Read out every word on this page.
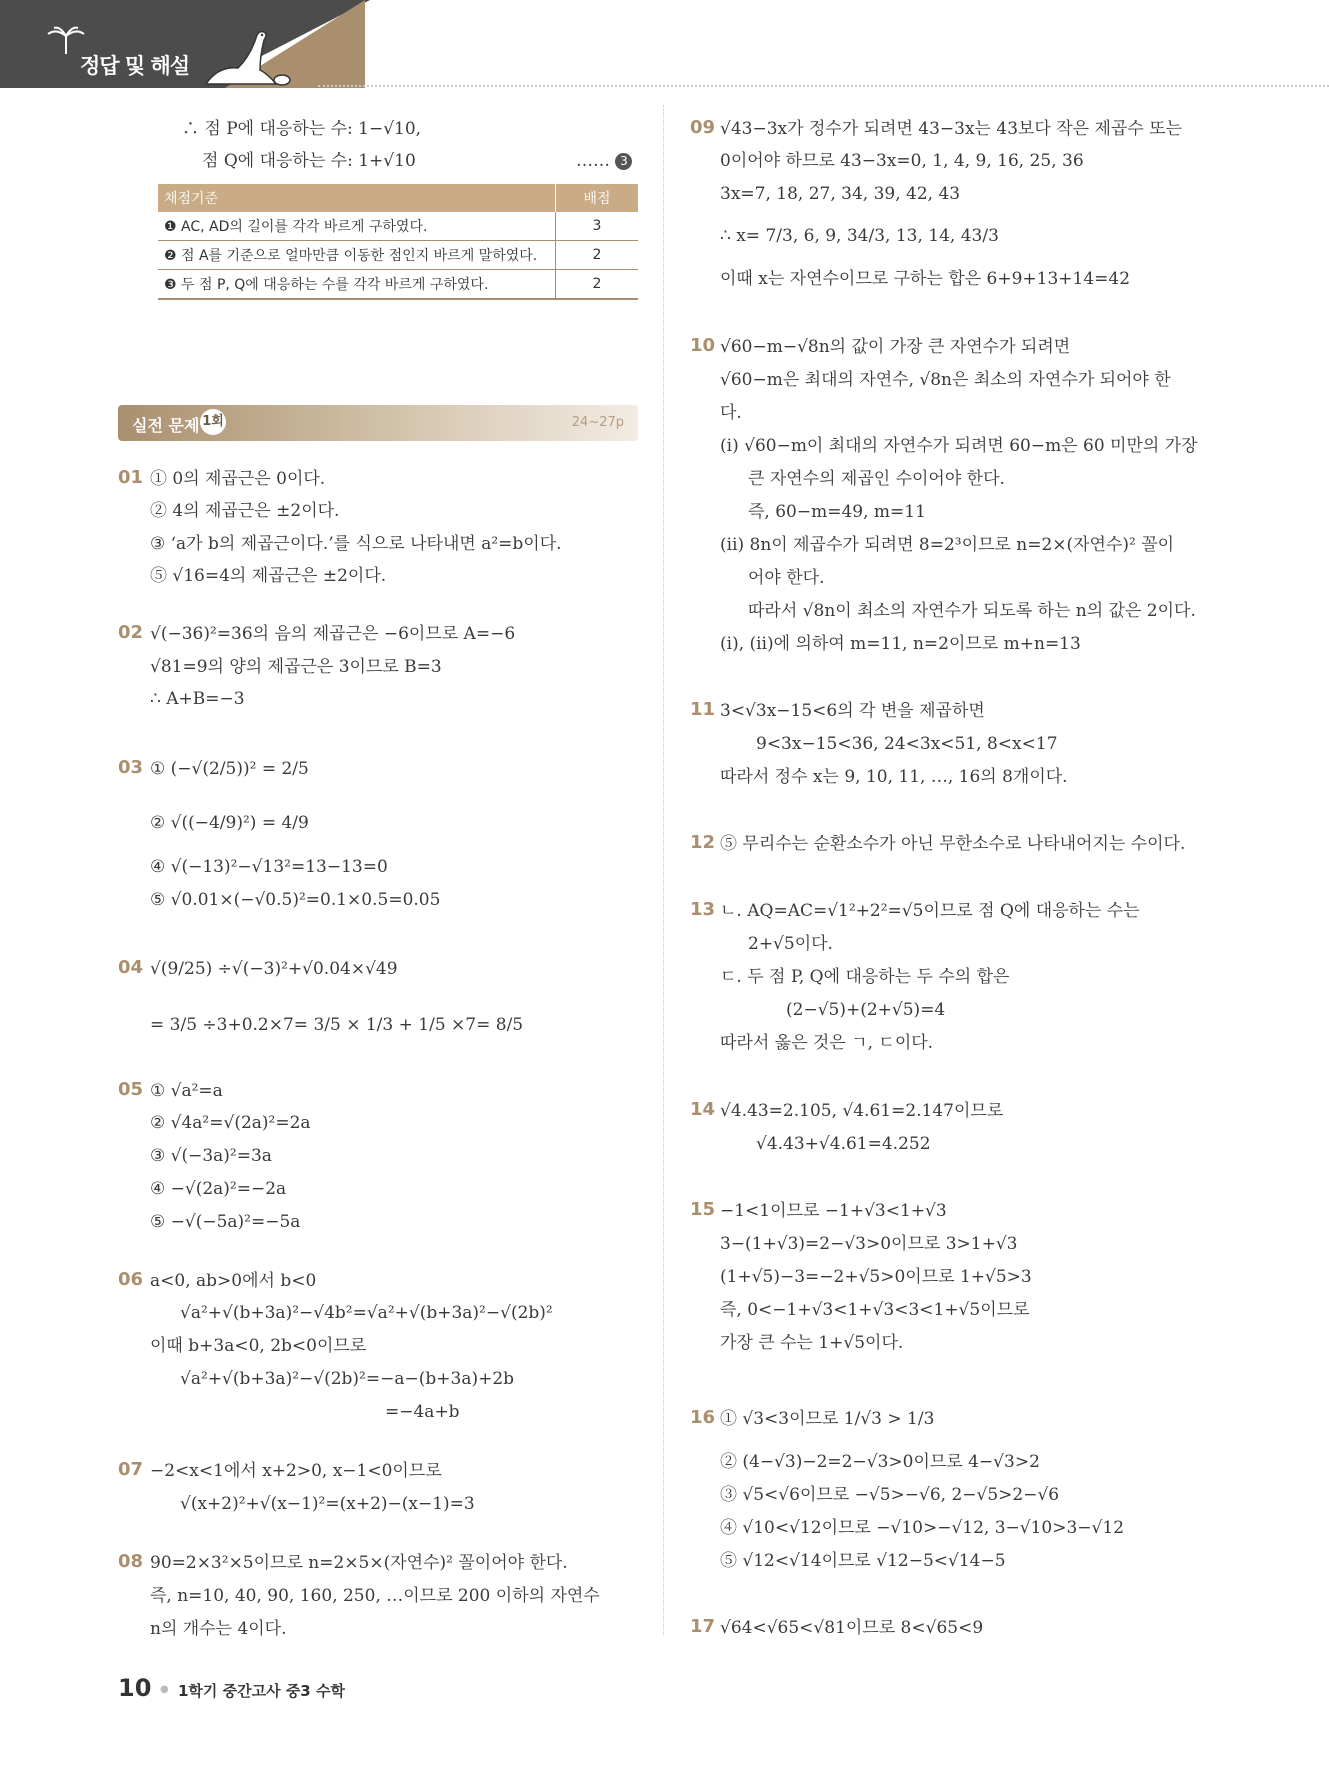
정답 및 해설
∴ 점 P에 대응하는 수: 1−√10,
점 Q에 대응하는 수: 1+√10	…… 3
채점기준	배점
❶ AC, AD의 길이를 각각 바르게 구하였다.	3
❷ 점 A를 기준으로 얼마만큼 이동한 점인지 바르게 말하였다.	2
❸ 두 점 P, Q에 대응하는 수를 각각 바르게 구하였다.	2
실전 문제 1회	24~27p
01 ① 0의 제곱근은 0이다.
② 4의 제곱근은 ±2이다.
③ ‘a가 b의 제곱근이다.’를 식으로 나타내면 a²=b이다.
⑤ √16=4의 제곱근은 ±2이다.
02 √(−36)²=36의 음의 제곱근은 −6이므로 A=−6
√81=9의 양의 제곱근은 3이므로 B=3
∴ A+B=−3
03 ① (−√(2/5))² = 2/5
② √((−4/9)²) = 4/9
④ √(−13)²−√13²=13−13=0
⑤ √0.01×(−√0.5)²=0.1×0.5=0.05
04 √(9/25) ÷√(−3)²+√0.04×√49
= 3/5 ÷3+0.2×7= 3/5 × 1/3 + 1/5 ×7= 8/5
05 ① √a²=a
② √4a²=√(2a)²=2a
③ √(−3a)²=3a
④ −√(2a)²=−2a
⑤ −√(−5a)²=−5a
06 a<0, ab>0에서 b<0
√a²+√(b+3a)²−√4b²=√a²+√(b+3a)²−√(2b)²
이때 b+3a<0, 2b<0이므로
√a²+√(b+3a)²−√(2b)²=−a−(b+3a)+2b
=−4a+b
07 −2<x<1에서 x+2>0, x−1<0이므로
√(x+2)²+√(x−1)²=(x+2)−(x−1)=3
08 90=2×3²×5이므로 n=2×5×(자연수)² 꼴이어야 한다.
즉, n=10, 40, 90, 160, 250, …이므로 200 이하의 자연수
n의 개수는 4이다.
09 √43−3x가 정수가 되려면 43−3x는 43보다 작은 제곱수 또는
0이어야 하므로 43−3x=0, 1, 4, 9, 16, 25, 36
3x=7, 18, 27, 34, 39, 42, 43
∴ x= 7/3, 6, 9, 34/3, 13, 14, 43/3
이때 x는 자연수이므로 구하는 합은 6+9+13+14=42
10 √60−m−√8n의 값이 가장 큰 자연수가 되려면
√60−m은 최대의 자연수, √8n은 최소의 자연수가 되어야 한
다.
(ⅰ) √60−m이 최대의 자연수가 되려면 60−m은 60 미만의 가장
큰 자연수의 제곱인 수이어야 한다.
즉, 60−m=49, m=11
(ⅱ) 8n이 제곱수가 되려면 8=2³이므로 n=2×(자연수)² 꼴이
어야 한다.
따라서 √8n이 최소의 자연수가 되도록 하는 n의 값은 2이다.
(ⅰ), (ⅱ)에 의하여 m=11, n=2이므로 m+n=13
11 3<√3x−15<6의 각 변을 제곱하면
9<3x−15<36, 24<3x<51, 8<x<17
따라서 정수 x는 9, 10, 11, …, 16의 8개이다.
12 ⑤ 무리수는 순환소수가 아닌 무한소수로 나타내어지는 수이다.
13 ㄴ. AQ=AC=√1²+2²=√5이므로 점 Q에 대응하는 수는
2+√5이다.
ㄷ. 두 점 P, Q에 대응하는 두 수의 합은
(2−√5)+(2+√5)=4
따라서 옳은 것은 ㄱ, ㄷ이다.
14 √4.43=2.105, √4.61=2.147이므로
√4.43+√4.61=4.252
15 −1<1이므로 −1+√3<1+√3
3−(1+√3)=2−√3>0이므로 3>1+√3
(1+√5)−3=−2+√5>0이므로 1+√5>3
즉, 0<−1+√3<1+√3<3<1+√5이므로
가장 큰 수는 1+√5이다.
16 ① √3<3이므로 1/√3 > 1/3
② (4−√3)−2=2−√3>0이므로 4−√3>2
③ √5<√6이므로 −√5>−√6, 2−√5>2−√6
④ √10<√12이므로 −√10>−√12, 3−√10>3−√12
⑤ √12<√14이므로 √12−5<√14−5
17 √64<√65<√81이므로 8<√65<9
10 ● 1학기 중간고사 중3 수학
